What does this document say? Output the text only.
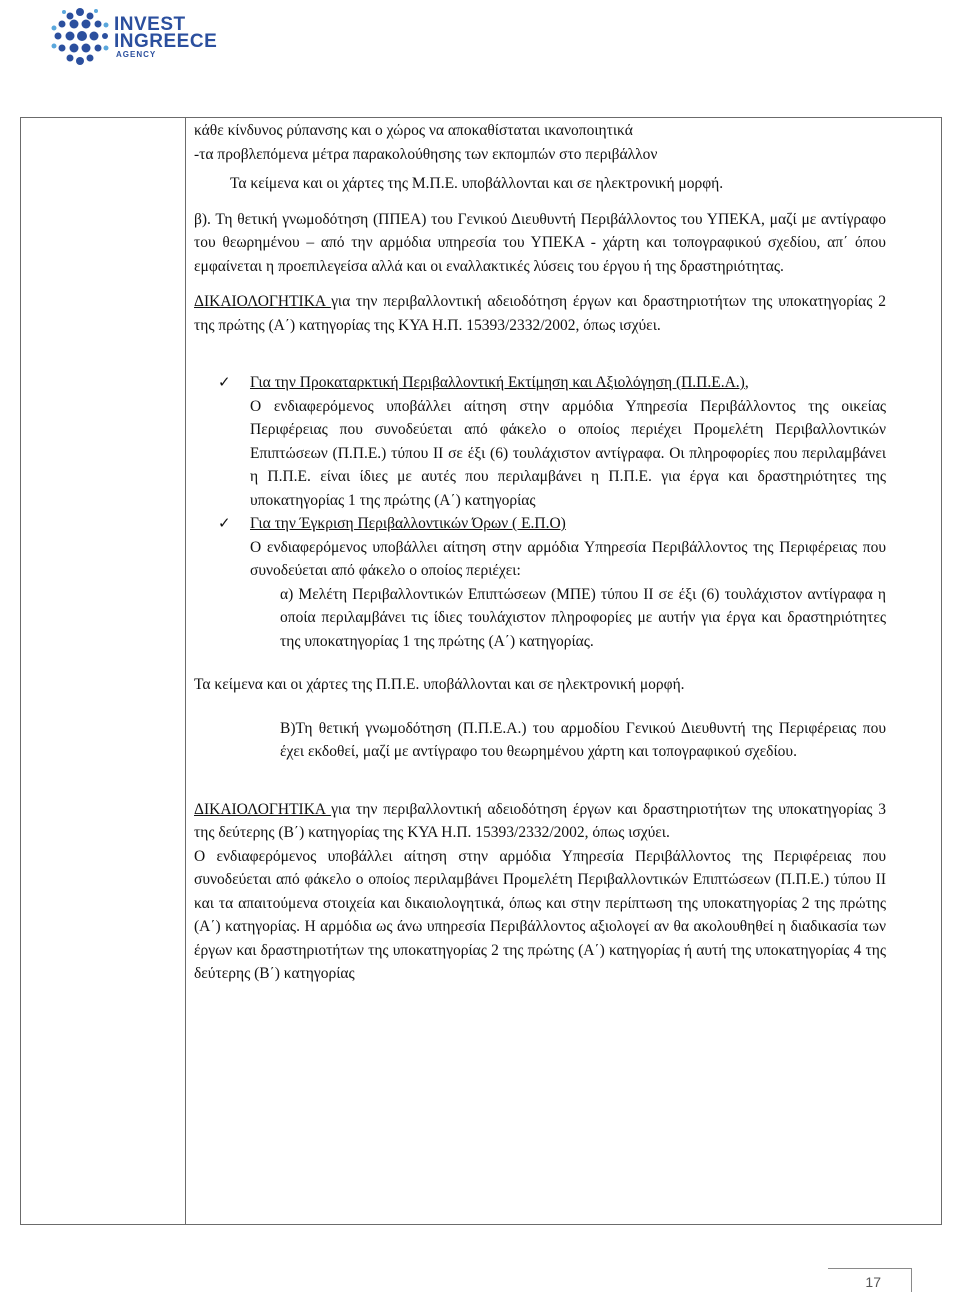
INVEST
INGREECE
AGENCY

κάθε κίνδυνος ρύπανσης και ο χώρος να αποκαθίσταται ικανοποιητικά

-τα προβλεπόμενα μέτρα παρακολούθησης των εκπομπών στο περιβάλλον

Τα κείμενα και οι χάρτες της Μ.Π.Ε. υποβάλλονται και σε ηλεκτρονική μορφή.

β). Τη θετική γνωμοδότηση (ΠΠΕΑ) του Γενικού Διευθυντή Περιβάλλοντος του ΥΠΕΚΑ, μαζί με αντίγραφο του θεωρημένου – από την αρμόδια υπηρεσία του ΥΠΕΚΑ - χάρτη και τοπογραφικού σχεδίου, απ΄ όπου εμφαίνεται η προεπιλεγείσα αλλά και οι εναλλακτικές λύσεις του έργου ή της δραστηριότητας.

ΔΙΚΑΙΟΛΟΓΗΤΙΚΑ για την περιβαλλοντική αδειοδότηση έργων και δραστηριοτήτων της υποκατηγορίας 2 της πρώτης (Α΄) κατηγορίας της ΚΥΑ Η.Π. 15393/2332/2002, όπως ισχύει.

✓ Για την Προκαταρκτική Περιβαλλοντική Εκτίμηση και Αξιολόγηση (Π.Π.Ε.Α.),

Ο ενδιαφερόμενος υποβάλλει αίτηση στην αρμόδια Υπηρεσία Περιβάλλοντος της οικείας Περιφέρειας που συνοδεύεται από φάκελο ο οποίος περιέχει Προμελέτη Περιβαλλοντικών Επιπτώσεων (Π.Π.Ε.) τύπου ΙΙ σε έξι (6) τουλάχιστον αντίγραφα. Οι πληροφορίες που περιλαμβάνει η Π.Π.Ε. είναι ίδιες με αυτές που περιλαμβάνει η Π.Π.Ε. για έργα και δραστηριότητες της υποκατηγορίας 1 της πρώτης (Α΄) κατηγορίας

✓ Για την Έγκριση Περιβαλλοντικών Όρων ( Ε.Π.Ο)

Ο ενδιαφερόμενος υποβάλλει αίτηση στην αρμόδια Υπηρεσία Περιβάλλοντος της Περιφέρειας που συνοδεύεται από φάκελο ο οποίος περιέχει:

α) Μελέτη Περιβαλλοντικών Επιπτώσεων (ΜΠΕ) τύπου ΙΙ σε έξι (6) τουλάχιστον αντίγραφα η οποία περιλαμβάνει τις ίδιες τουλάχιστον πληροφορίες με αυτήν για έργα και δραστηριότητες της υποκατηγορίας 1 της πρώτης (Α΄) κατηγορίας.

Τα κείμενα και οι χάρτες της Π.Π.Ε. υποβάλλονται και σε ηλεκτρονική μορφή.

Β)Τη θετική γνωμοδότηση (Π.Π.Ε.Α.) του αρμοδίου Γενικού Διευθυντή της Περιφέρειας που έχει εκδοθεί, μαζί με αντίγραφο του θεωρημένου χάρτη και τοπογραφικού σχεδίου.

ΔΙΚΑΙΟΛΟΓΗΤΙΚΑ για την περιβαλλοντική αδειοδότηση έργων και δραστηριοτήτων της υποκατηγορίας 3 της δεύτερης (Β΄) κατηγορίας της ΚΥΑ Η.Π. 15393/2332/2002, όπως ισχύει.

Ο ενδιαφερόμενος υποβάλλει αίτηση στην αρμόδια Υπηρεσία Περιβάλλοντος της Περιφέρειας που συνοδεύεται από φάκελο ο οποίος περιλαμβάνει Προμελέτη Περιβαλλοντικών Επιπτώσεων (Π.Π.Ε.) τύπου ΙΙ και τα απαιτούμενα στοιχεία και δικαιολογητικά, όπως και στην περίπτωση της υποκατηγορίας 2 της πρώτης (Α΄) κατηγορίας. Η αρμόδια ως άνω υπηρεσία Περιβάλλοντος αξιολογεί αν θα ακολουθηθεί η διαδικασία των έργων και δραστηριοτήτων της υποκατηγορίας 2 της πρώτης (Α΄) κατηγορίας ή αυτή της υποκατηγορίας 4 της δεύτερης (Β΄) κατηγορίας

17
